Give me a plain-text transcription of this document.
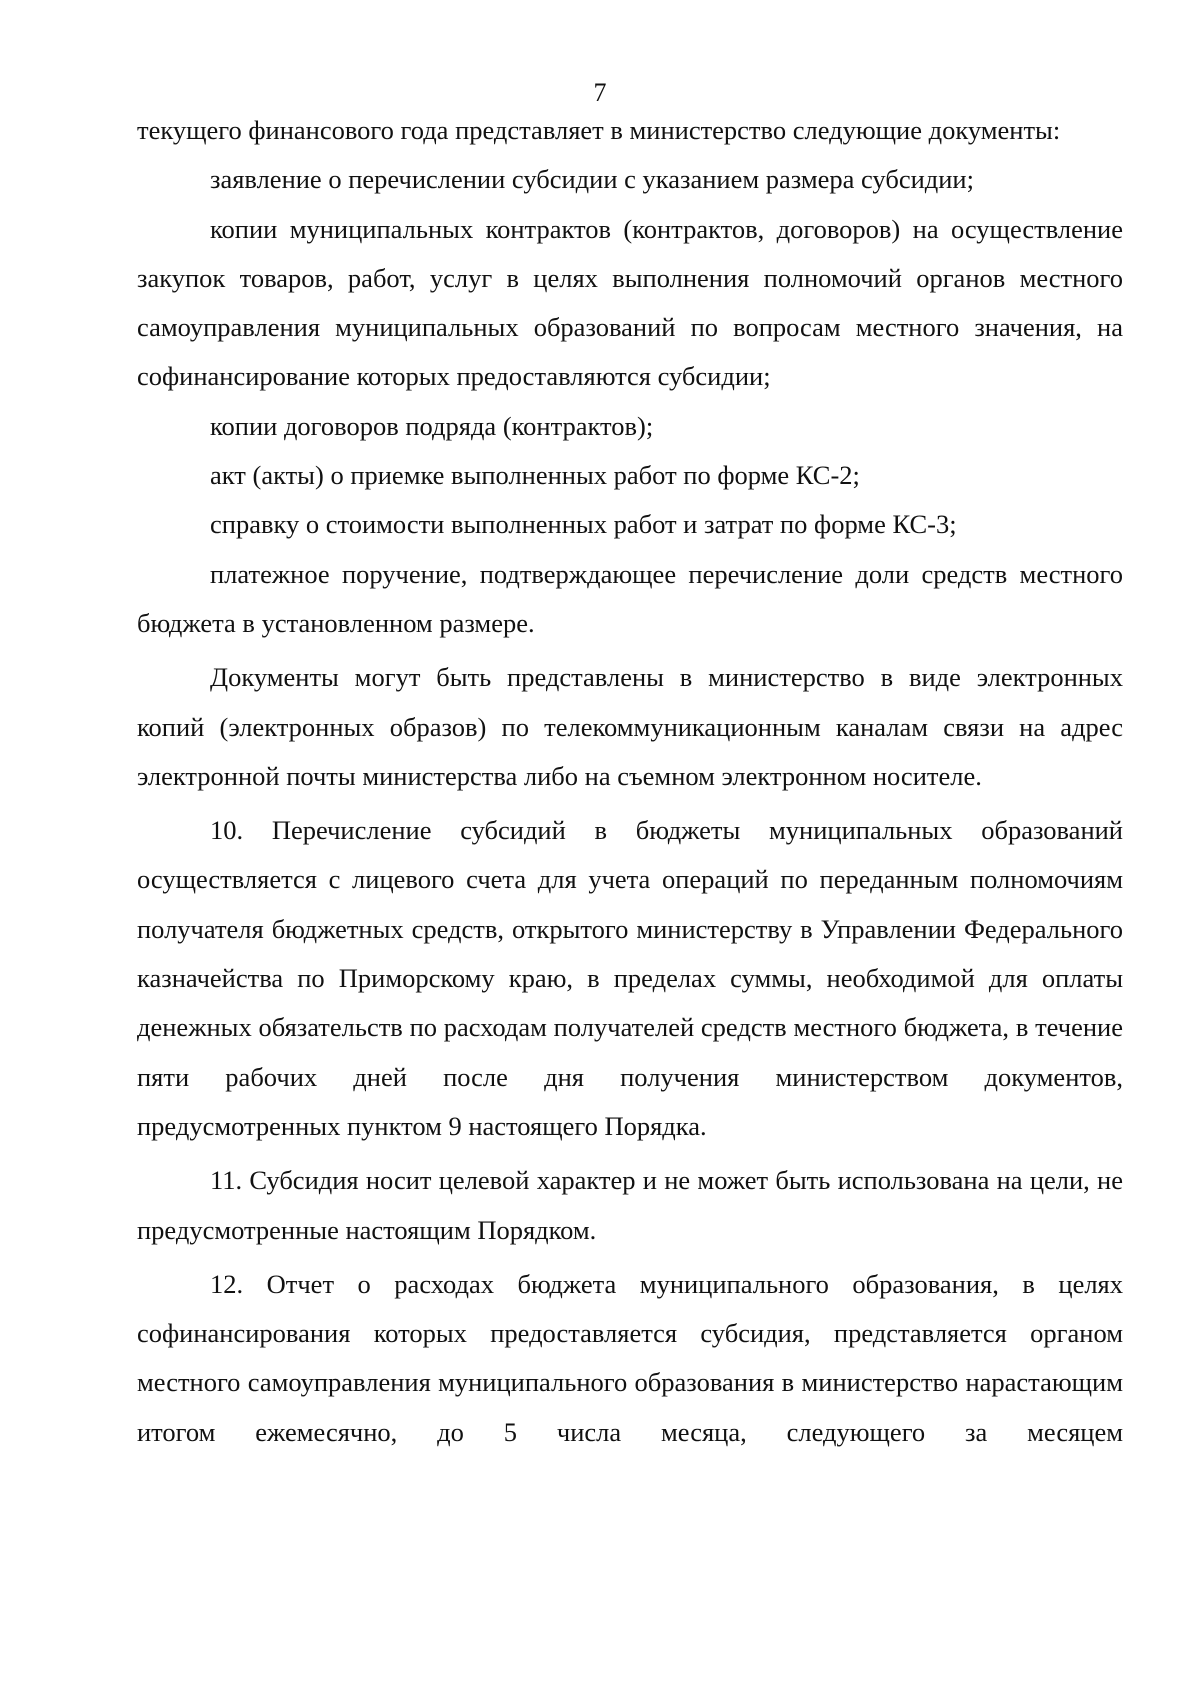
7

текущего финансового года представляет в министерство следующие документы:

заявление о перечислении субсидии с указанием размера субсидии;

копии муниципальных контрактов (контрактов, договоров) на осуществление закупок товаров, работ, услуг в целях выполнения полномочий органов местного самоуправления муниципальных образований по вопросам местного значения, на софинансирование которых предоставляются субсидии;

копии договоров подряда (контрактов);

акт (акты) о приемке выполненных работ по форме КС-2;

справку о стоимости выполненных работ и затрат по форме КС-3;

платежное поручение, подтверждающее перечисление доли средств местного бюджета в установленном размере.

Документы могут быть представлены в министерство в виде электронных копий (электронных образов) по телекоммуникационным каналам связи на адрес электронной почты министерства либо на съемном электронном носителе.

10. Перечисление субсидий в бюджеты муниципальных образований осуществляется с лицевого счета для учета операций по переданным полномочиям получателя бюджетных средств, открытого министерству в Управлении Федерального казначейства по Приморскому краю, в пределах суммы, необходимой для оплаты денежных обязательств по расходам получателей средств местного бюджета, в течение пяти рабочих дней после дня получения министерством документов, предусмотренных пунктом 9 настоящего Порядка.

11. Субсидия носит целевой характер и не может быть использована на цели, не предусмотренные настоящим Порядком.

12. Отчет о расходах бюджета муниципального образования, в целях софинансирования которых предоставляется субсидия, представляется органом местного самоуправления муниципального образования в министерство нарастающим итогом ежемесячно, до 5 числа месяца, следующего за месяцем
